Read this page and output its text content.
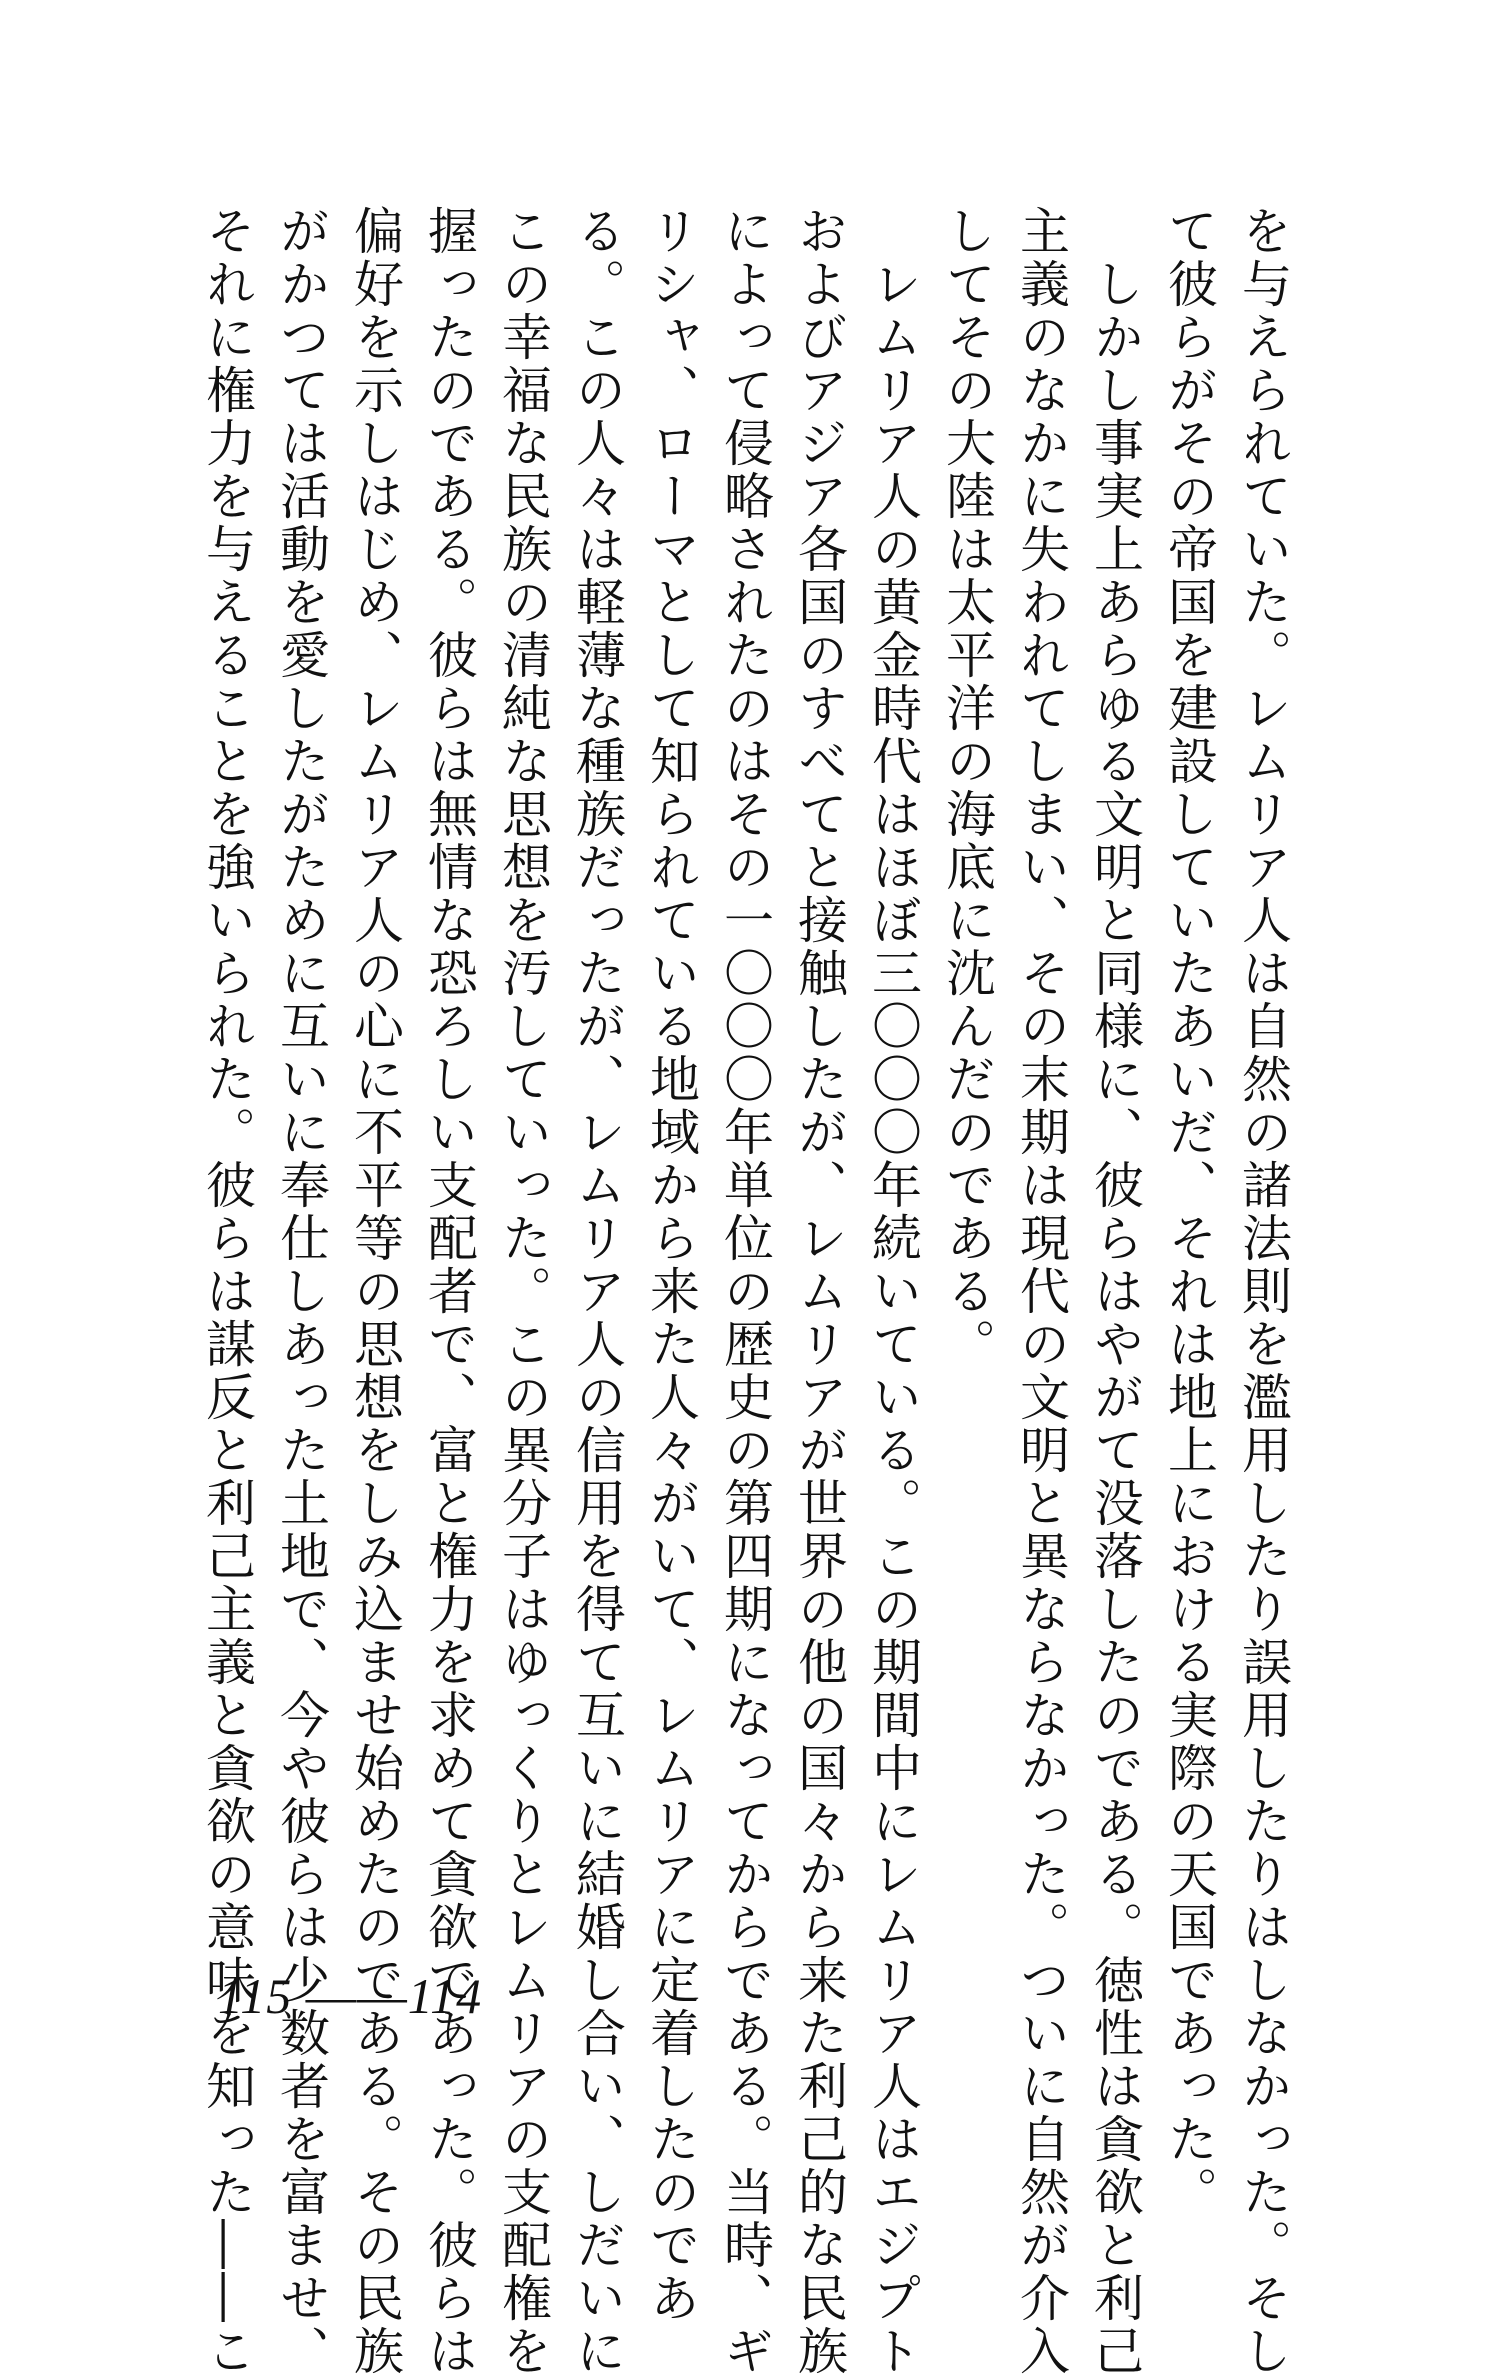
を与えられていた。レムリア人は自然の諸法則を濫用したり誤用したりはしなかった。そし
て彼らがその帝国を建設していたあいだ、それは地上における実際の天国であった。
　しかし事実上あらゆる文明と同様に、彼らはやがて没落したのである。徳性は貪欲と利己
主義のなかに失われてしまい、その末期は現代の文明と異ならなかった。ついに自然が介入
してその大陸は太平洋の海底に沈んだのである。
　レムリア人の黄金時代はほぼ三〇〇〇年続いている。この期間中にレムリア人はエジプト
およびアジア各国のすべてと接触したが、レムリアが世界の他の国々から来た利己的な民族
によって侵略されたのはその一〇〇〇年単位の歴史の第四期になってからである。当時、ギ
リシャ、ローマとして知られている地域から来た人々がいて、レムリアに定着したのであ
る。この人々は軽薄な種族だったが、レムリア人の信用を得て互いに結婚し合い、しだいに
この幸福な民族の清純な思想を汚していった。この異分子はゆっくりとレムリアの支配権を
握ったのである。彼らは無情な恐ろしい支配者で、富と権力を求めて貪欲であった。彼らは
偏好を示しはじめ、レムリア人の心に不平等の思想をしみ込ませ始めたのである。その民族
がかつては活動を愛したがために互いに奉仕しあった土地で、今や彼らは少数者を富ませ、
それに権力を与えることを強いられた。彼らは謀反と利己主義と貪欲の意味を知った――こ
115 ――114
